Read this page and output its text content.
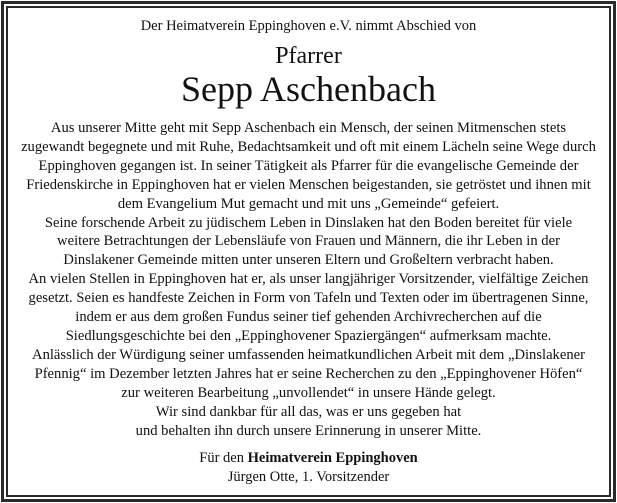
Der Heimatverein Eppinghoven e.V. nimmt Abschied von
Pfarrer
Sepp Aschenbach
Aus unserer Mitte geht mit Sepp Aschenbach ein Mensch, der seinen Mitmenschen stets
zugewandt begegnete und mit Ruhe, Bedachtsamkeit und oft mit einem Lächeln seine Wege durch
Eppinghoven gegangen ist. In seiner Tätigkeit als Pfarrer für die evangelische Gemeinde der
Friedenskirche in Eppinghoven hat er vielen Menschen beigestanden, sie getröstet und ihnen mit
dem Evangelium Mut gemacht und mit uns „Gemeinde“ gefeiert.
Seine forschende Arbeit zu jüdischem Leben in Dinslaken hat den Boden bereitet für viele
weitere Betrachtungen der Lebensläufe von Frauen und Männern, die ihr Leben in der
Dinslakener Gemeinde mitten unter unseren Eltern und Großeltern verbracht haben.
An vielen Stellen in Eppinghoven hat er, als unser langjähriger Vorsitzender, vielfältige Zeichen
gesetzt. Seien es handfeste Zeichen in Form von Tafeln und Texten oder im übertragenen Sinne,
indem er aus dem großen Fundus seiner tief gehenden Archivrecherchen auf die
Siedlungsgeschichte bei den „Eppinghovener Spaziergängen“ aufmerksam machte.
Anlässlich der Würdigung seiner umfassenden heimatkundlichen Arbeit mit dem „Dinslakener
Pfennig“ im Dezember letzten Jahres hat er seine Recherchen zu den „Eppinghovener Höfen“
zur weiteren Bearbeitung „unvollendet“ in unsere Hände gelegt.
Wir sind dankbar für all das, was er uns gegeben hat
und behalten ihn durch unsere Erinnerung in unserer Mitte.
Für den Heimatverein Eppinghoven
Jürgen Otte, 1. Vorsitzender
